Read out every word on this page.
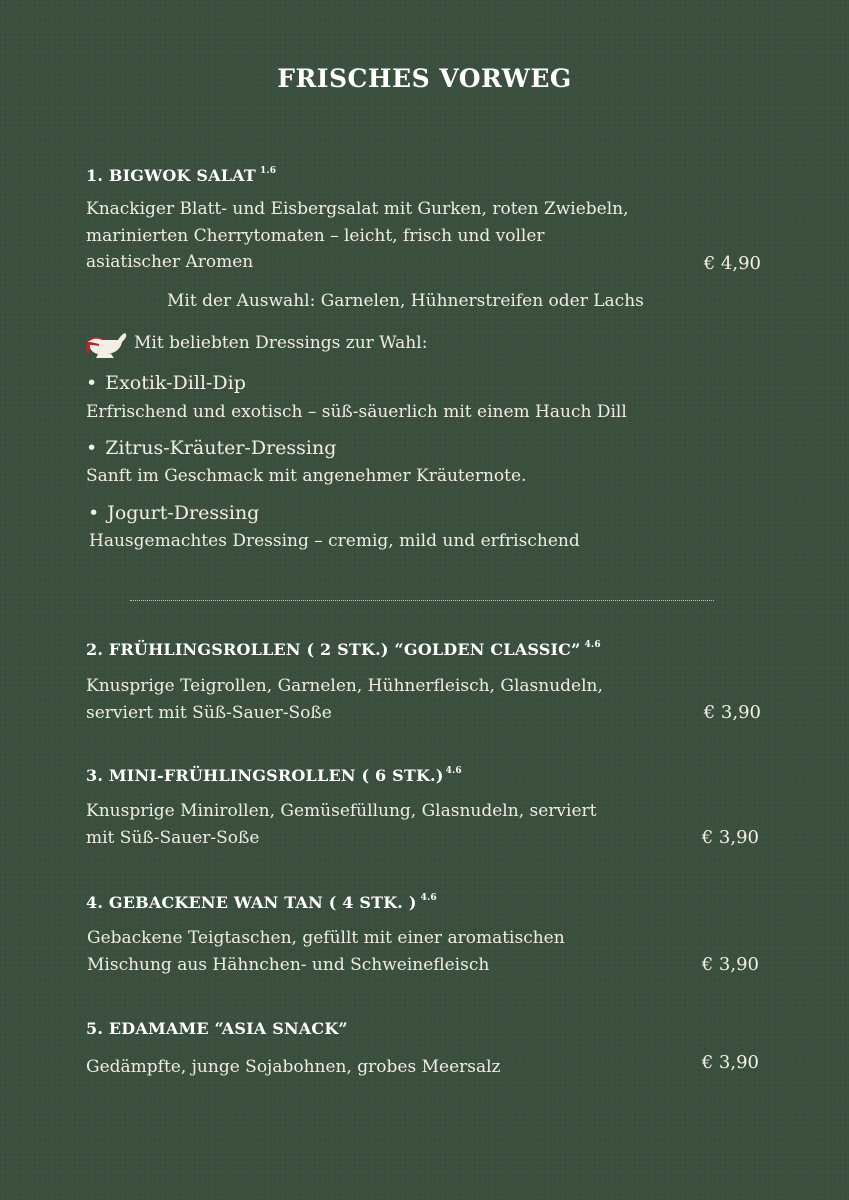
FRISCHES VORWEG
1. BIGWOK SALAT $^{1.6}$
Knackiger Blatt- und Eisbergsalat mit Gurken, roten Zwiebeln,
marinierten Cherrytomaten – leicht, frisch und voller
asiatischer Aromen	€ 4,90
Mit der Auswahl: Garnelen, Hühnerstreifen oder Lachs
Mit beliebten Dressings zur Wahl:
• Exotik-Dill-Dip
Erfrischend und exotisch – süß-säuerlich mit einem Hauch Dill
• Zitrus-Kräuter-Dressing
Sanft im Geschmack mit angenehmer Kräuternote.
• Jogurt-Dressing
Hausgemachtes Dressing – cremig, mild und erfrischend
2. FRÜHLINGSROLLEN ( 2 STK.) “GOLDEN CLASSIC” $^{4.6}$
Knusprige Teigrollen, Garnelen, Hühnerfleisch, Glasnudeln,
serviert mit Süß-Sauer-Soße	€ 3,90
3. MINI-FRÜHLINGSROLLEN ( 6 STK.) $^{4.6}$
Knusprige Minirollen, Gemüsefüllung, Glasnudeln, serviert
mit Süß-Sauer-Soße	€ 3,90
4. GEBACKENE WAN TAN ( 4 STK. ) $^{4.6}$
Gebackene Teigtaschen, gefüllt mit einer aromatischen
Mischung aus Hähnchen- und Schweinefleisch	€ 3,90
5. EDAMAME “ASIA SNACK”
Gedämpfte, junge Sojabohnen, grobes Meersalz	€ 3,90
